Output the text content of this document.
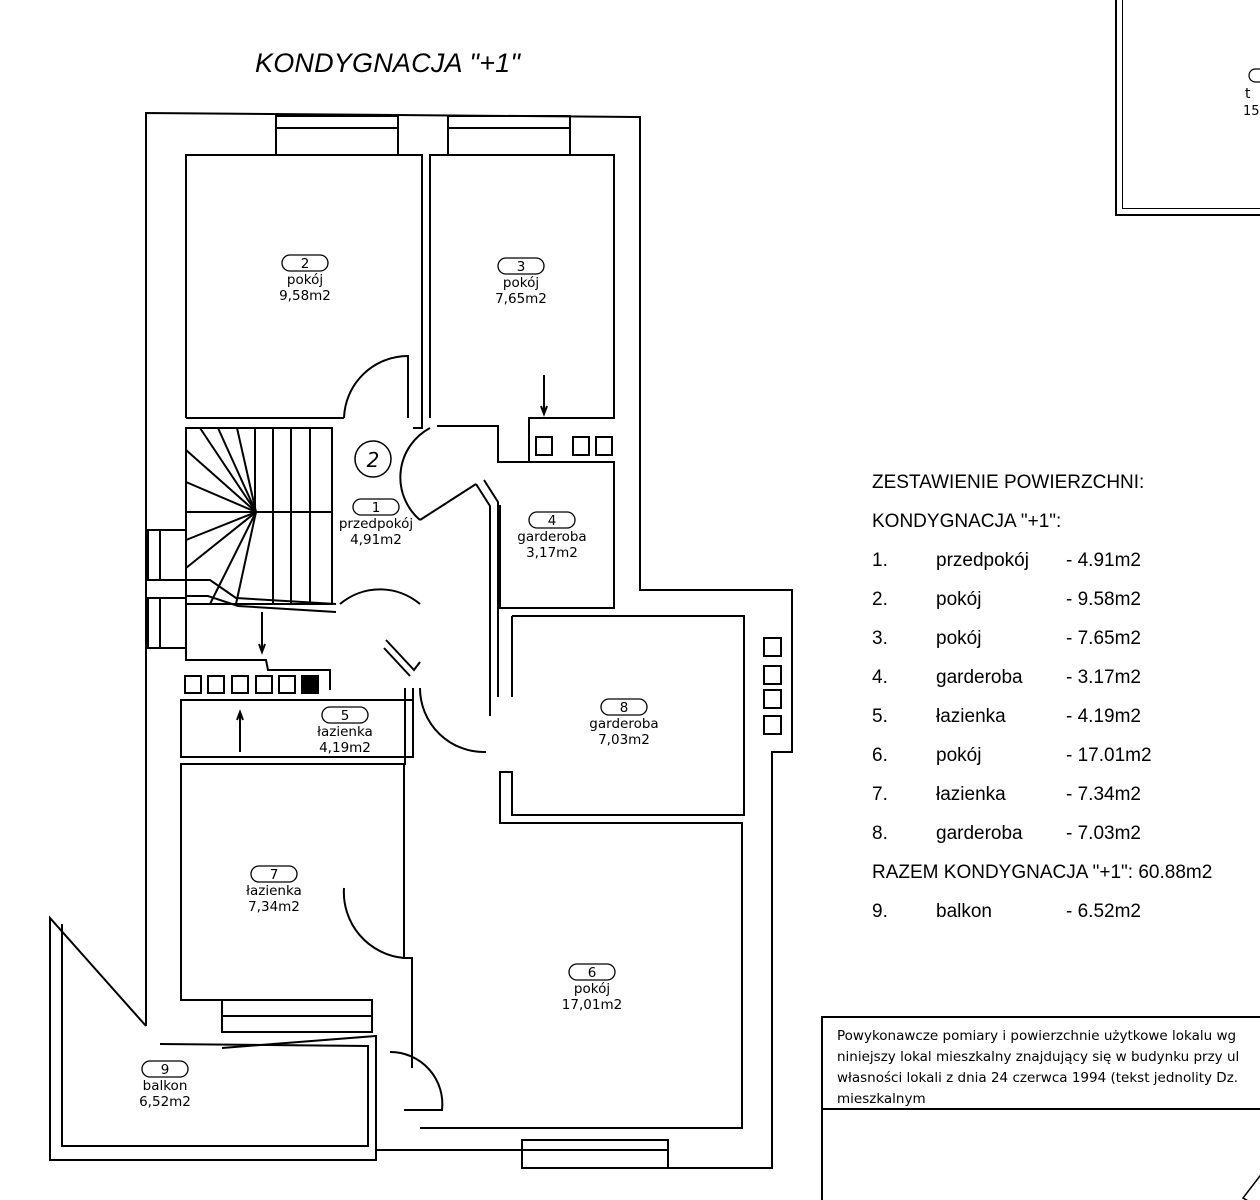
2
2
pokój
9,58m2
3
pokój
7,65m2
1
przedpokój
4,91m2
4
garderoba
3,17m2
8
garderoba
7,03m2
5
łazienka
4,19m2
7
łazienka
7,34m2
6
pokój
17,01m2
9
balkon
6,52m2
KONDYGNACJA "+1"
t
15
ZESTAWIENIE POWIERZCHNI:
KONDYGNACJA "+1":
1.	przedpokój - 4.91m2
2.	pokój	- 9.58m2
3.	pokój	- 7.65m2
4.	garderoba - 3.17m2
5.	łazienka	- 4.19m2
6.	pokój	- 17.01m2
7.	łazienka	- 7.34m2
8.	garderoba - 7.03m2
RAZEM KONDYGNACJA "+1": 60.88m2
9.	balkon	- 6.52m2
Powykonawcze pomiary i powierzchnie użytkowe lokalu wg
niniejszy lokal mieszkalny znajdujący się w budynku przy ul
własności lokali z dnia 24 czerwca 1994 (tekst jednolity Dz.
mieszkalnym
